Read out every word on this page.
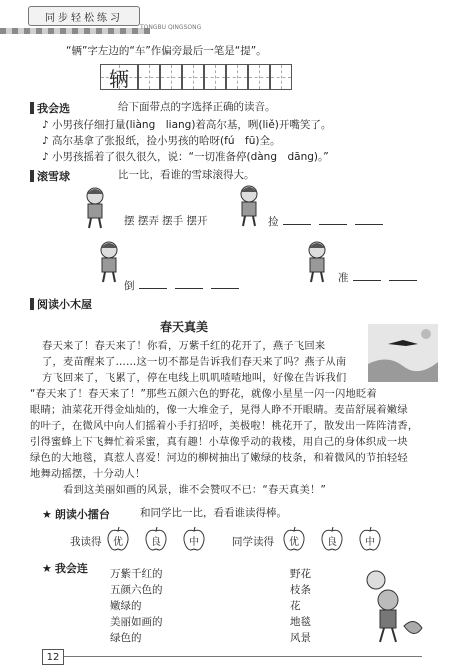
同步轻松练习
TONGBU QINGSONG
“辆”字左边的“车”作偏旁最后一笔是“提”。
辆
我会选	给下面带点的字选择正确的读音。
♪ 小男孩仔细打量(liàng　liang)着高尔基，咧(liě)开嘴笑了。
♪ 高尔基拿了张报纸，捡小男孩的哈呀(fú　fū)全。
♪ 小男孩摇着了很久很久，说：“一切准备停(dàng　dāng)。”
滚雪球	比一比，看谁的雪球滚得大。
摆 摆弄 摆手 摆开	捡
倒
准
阅读小木屋
春天真美
春天来了！春天来了！你看，万紫千红的花开了，燕子飞回来
了，麦苗醒来了……这一切不都是告诉我们春天来了吗？燕子从南
方飞回来了，飞累了，停在电线上叽叽喳喳地叫，好像在告诉我们
“春天来了！春天来了！”那些五颜六色的野花，就像小星星一闪一闪地眨着
眼睛；油菜花开得金灿灿的，像一大堆金子，晃得人睁不开眼睛。麦苗舒展着嫩绿
的叶子，在微风中向人们摇着小手打招呼，美极啦！桃花开了，散发出一阵阵清香，
引得蜜蜂上下飞舞忙着采蜜，真有趣！小草像乎动的栽楼，用自己的身体织成一块
绿色的大地毯，真惹人喜爱！河边的柳树抽出了嫩绿的枝条，和着微风的节拍轻轻
地舞动摇摆，十分动人！
　　看到这美丽如画的风景，谁不会赞叹不已：“春天真美！”
★ 朗读小擂台	和同学比一比，看看谁读得棒。
我读得	优	良	中	同学读得	优	良	中
★ 我会连 万紫千红的
五颜六色的
嫩绿的
美丽如画的
绿色的
野花
枝条
花
地毯
风景
12
